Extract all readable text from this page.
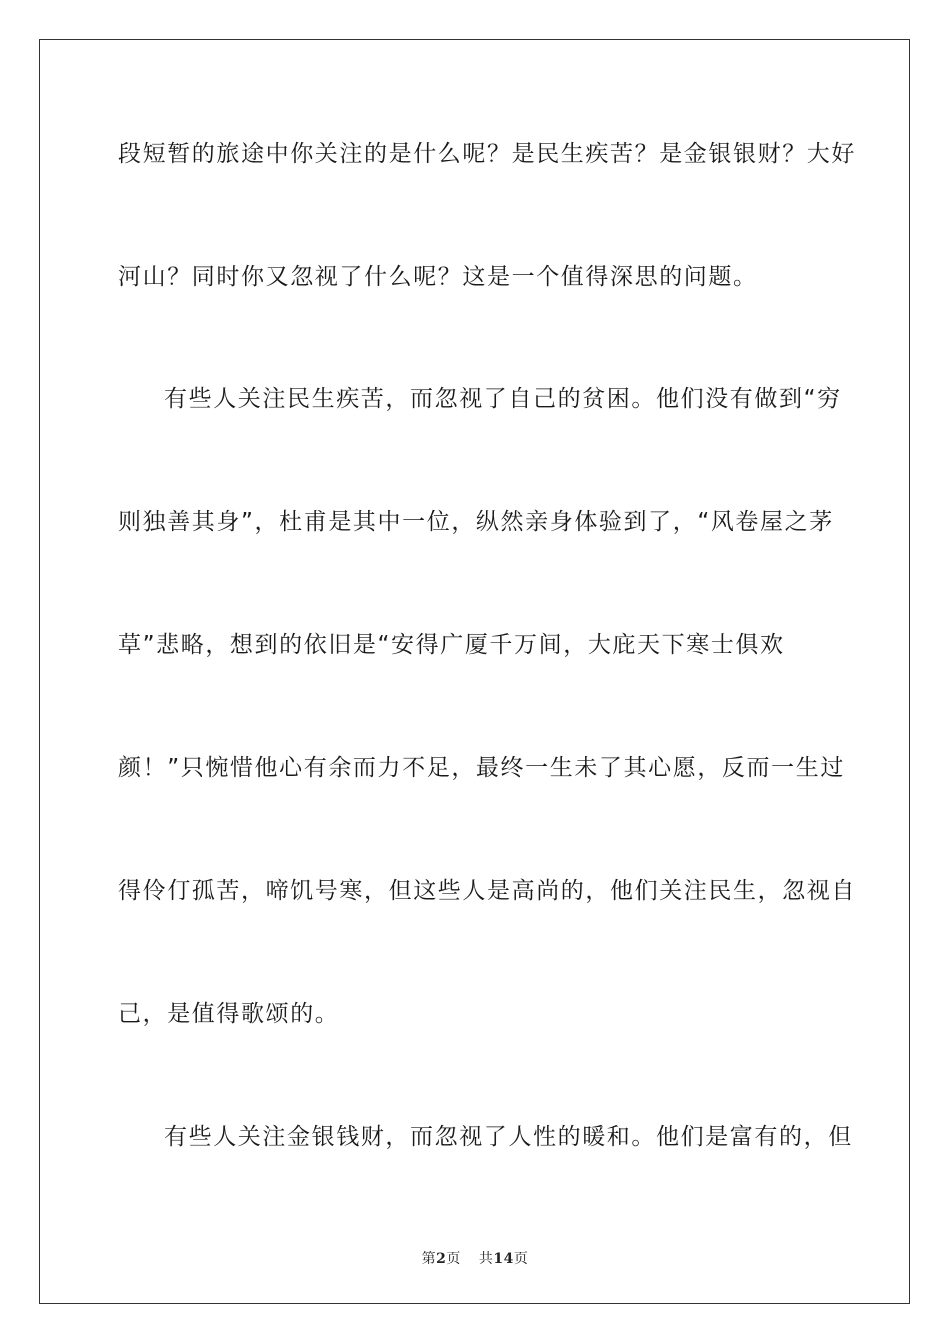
段短暂的旅途中你关注的是什么呢？是民生疾苦？是金银银财？大好
河山？同时你又忽视了什么呢？这是一个值得深思的问题。
有些人关注民生疾苦，而忽视了自己的贫困。他们没有做到“穷
则独善其身”，杜甫是其中一位，纵然亲身体验到了，“风卷屋之茅
草”悲略，想到的依旧是“安得广厦千万间，大庇天下寒士俱欢
颜！”只惋惜他心有余而力不足，最终一生未了其心愿，反而一生过
得伶仃孤苦，啼饥号寒，但这些人是高尚的，他们关注民生，忽视自
己，是值得歌颂的。
有些人关注金银钱财，而忽视了人性的暖和。他们是富有的，但
第2页 共14页
